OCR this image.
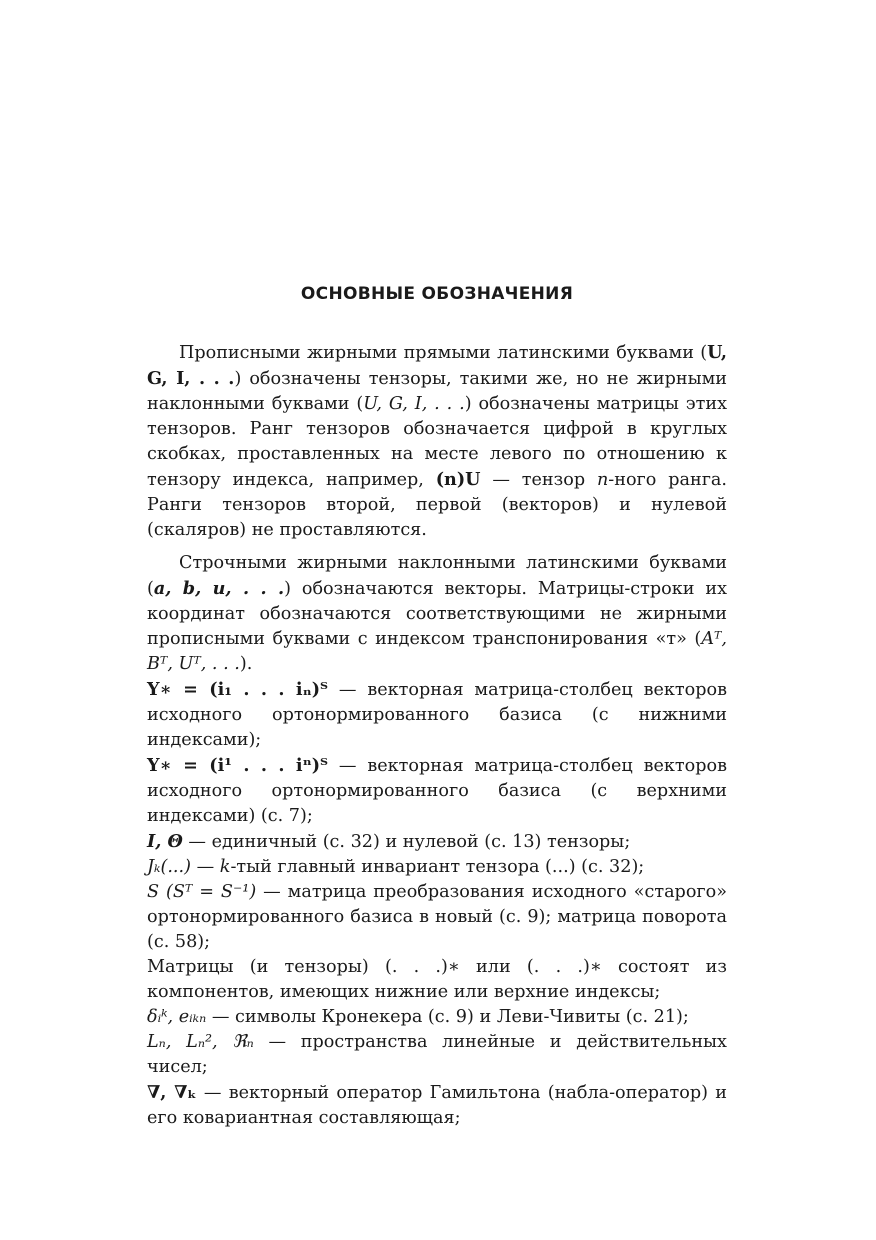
ОСНОВНЫЕ ОБОЗНАЧЕНИЯ

Прописными жирными прямыми латинскими буквами (U, G, I, . . .) обозначены тензоры, такими же, но не жирными наклонными буквами (U, G, I, . . .) обозначены матрицы этих тензоров. Ранг тензоров обозначается цифрой в круглых скобках, проставленных на месте левого по отношению к тензору индекса, например, (n)U — тензор n-ного ранга. Ранги тензоров второй, первой (векторов) и нулевой (скаляров) не проставляются.

Строчными жирными наклонными латинскими буквами (a, b, u, . . .) обозначаются векторы. Матрицы-строки их координат обозначаются соответствующими не жирными прописными буквами с индексом транспонирования «т» (Aᵀ, Bᵀ, Uᵀ, . . .).

Υ∗ = (i₁ . . . iₙ)ᵀ — векторная матрица-столбец векторов исходного ортонормированного базиса (с нижними индексами);

Υ∗ = (i¹ . . . iⁿ)ᵀ — векторная матрица-столбец векторов исходного ортонормированного базиса (с верхними индексами) (с. 7);

I, Θ — единичный (с. 32) и нулевой (с. 13) тензоры;

Jₖ(...) — k-тый главный инвариант тензора (...) (с. 32);

S (Sᵀ = S⁻¹) — матрица преобразования исходного «старого» ортонормированного базиса в новый (с. 9); матрица поворота (с. 58);

Матрицы (и тензоры) (. . .)∗ или (. . .)∗ состоят из компонентов, имеющих нижние или верхние индексы;

δᵢᵏ, eᵢₖₙ — символы Кронекера (с. 9) и Леви-Чивиты (с. 21);

Lₙ, Lₙ², ℜₙ — пространства линейные и действительных чисел;

∇, ∇ₖ — векторный оператор Гамильтона (набла-оператор) и его ковариантная составляющая;
